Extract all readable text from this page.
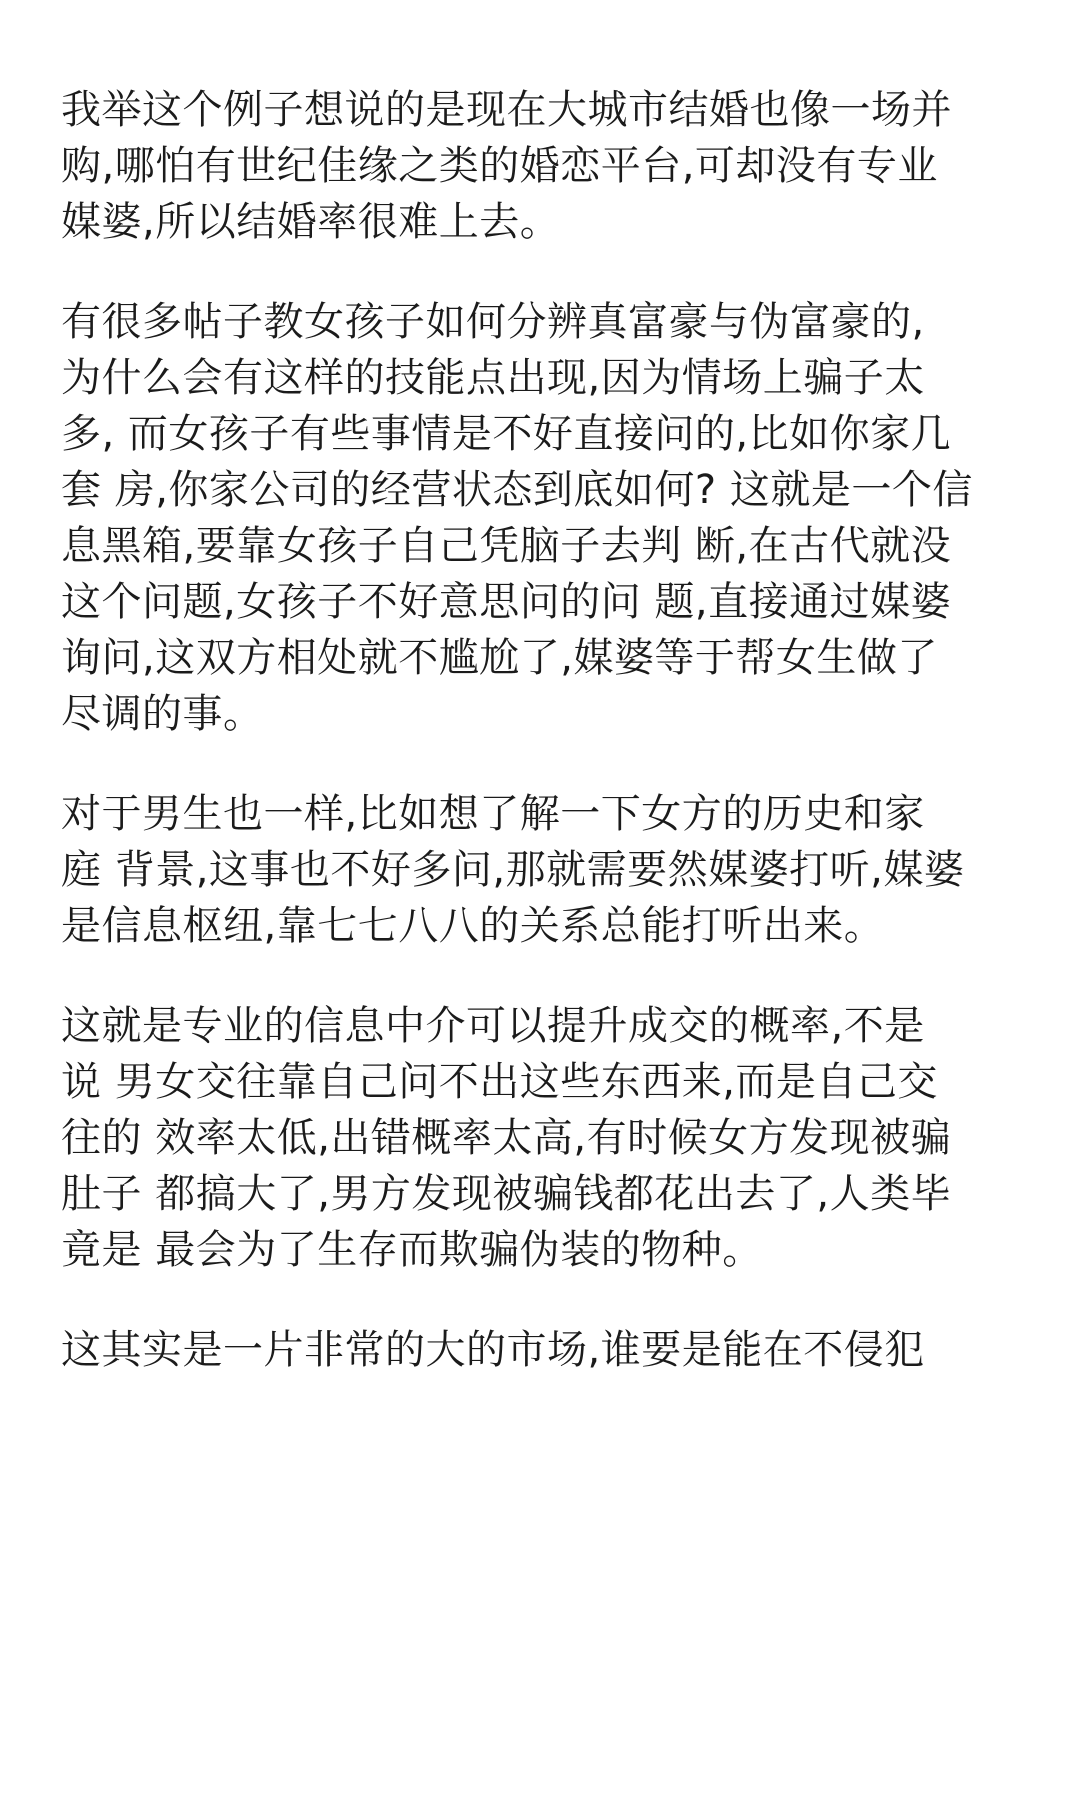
我举这个例子想说的是现在大城市结婚也像一场并
购,哪怕有世纪佳缘之类的婚恋平台,可却没有专业
媒婆,所以结婚率很难上去。

有很多帖子教女孩子如何分辨真富豪与伪富豪的,
为什么会有这样的技能点出现,因为情场上骗子太
多, 而女孩子有些事情是不好直接问的,比如你家几
套 房,你家公司的经营状态到底如何? 这就是一个信
息黑箱,要靠女孩子自己凭脑子去判 断,在古代就没
这个问题,女孩子不好意思问的问 题,直接通过媒婆
询问,这双方相处就不尴尬了,媒婆等于帮女生做了
尽调的事。

对于男生也一样,比如想了解一下女方的历史和家
庭 背景,这事也不好多问,那就需要然媒婆打听,媒婆
是信息枢纽,靠七七八八的关系总能打听出来。

这就是专业的信息中介可以提升成交的概率,不是
说 男女交往靠自己问不出这些东西来,而是自己交
往的 效率太低,出错概率太高,有时候女方发现被骗
肚子 都搞大了,男方发现被骗钱都花出去了,人类毕
竟是 最会为了生存而欺骗伪装的物种。

这其实是一片非常的大的市场,谁要是能在不侵犯
